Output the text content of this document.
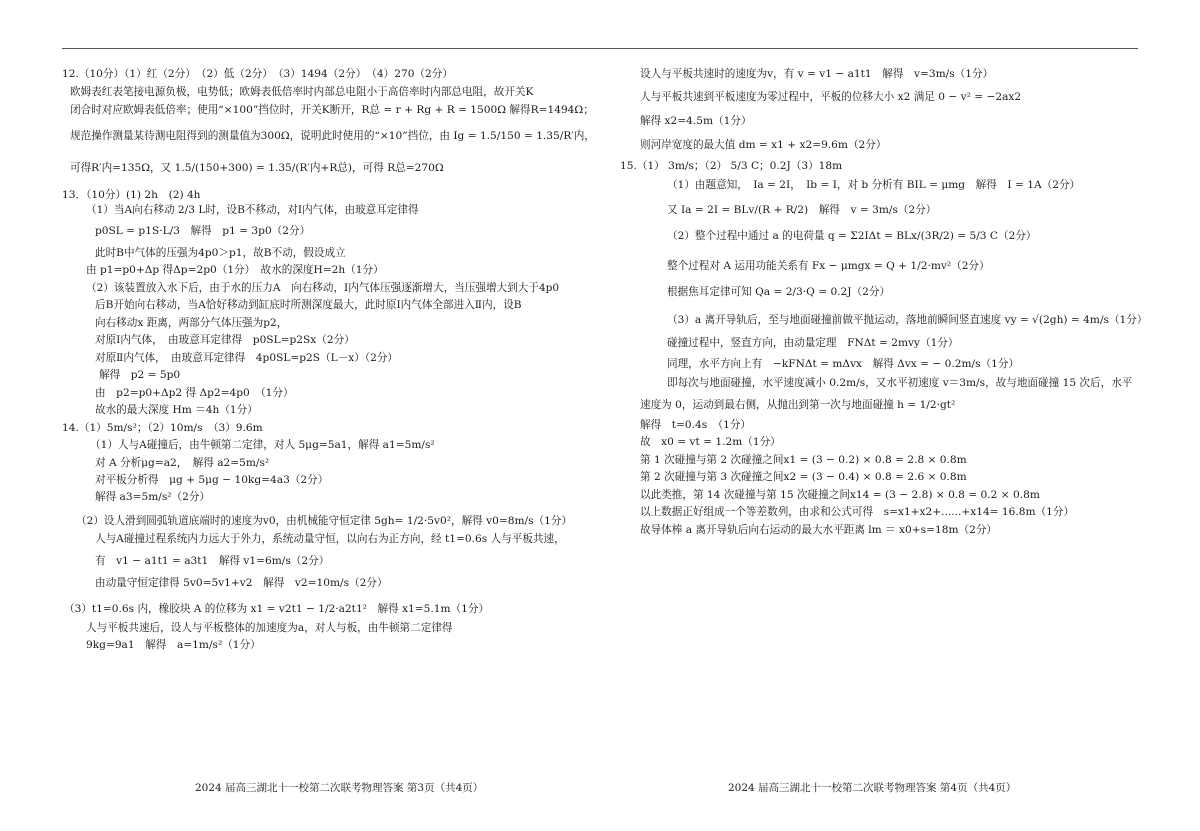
12.（10分）（1）红（2分）　（2）低（2分）　（3）1494（2分）　（4）270（2分）
欧姆表红表笔接电源负极，电势低；欧姆表低倍率时内部总电阻小于高倍率时内部总电阻，故开关K
闭合时对应欧姆表低倍率；使用“×100”挡位时，开关K断开，R总 = r + Rg + R = 1500Ω 解得R=1494Ω；
规范操作测量某待测电阻得到的测量值为300Ω，说明此时使用的“×10”挡位，由 Ig = 1.5/150 = 1.35/R′内，
可得R′内=135Ω，又 1.5/(150+300) = 1.35/(R′内+R总)，可得 R总=270Ω
13．（10分）(1) 2h　(2) 4h
（1）当A向右移动 2/3 L时，设B不移动，对Ⅰ内气体，由玻意耳定律得
p0SL = p1S·L/3　解得　p1 = 3p0（2分）
此时B中气体的压强为4p0＞p1，故B不动，假设成立
由 p1=p0+Δp 得Δp=2p0（1分）　故水的深度H=2h（1分）
（2）该装置放入水下后，由于水的压力A　向右移动，Ⅰ内气体压强逐渐增大，当压强增大到大于4p0
后B开始向右移动，当A恰好移动到缸底时所测深度最大，此时原Ⅰ内气体全部进入Ⅱ内，设B
向右移动x 距离，两部分气体压强为p2，
对原Ⅰ内气体，　由玻意耳定律得　p0SL=p2Sx（2分）
对原Ⅱ内气体，　由玻意耳定律得　4p0SL=p2S（L－x）（2分）
解得　p2 = 5p0
由　p2=p0+Δp2 得 Δp2=4p0　（1分）
故水的最大深度 Hm ＝4h（1分）
14.（1）5m/s²；（2）10m/s　（3）9.6m
（1）人与A碰撞后，由牛顿第二定律，对人 5μg=5a1，解得 a1=5m/s²
对 A 分析μg=a2，　解得 a2=5m/s²
对平板分析得　μg + 5μg − 10kg=4a3（2分）
解得 a3=5m/s²（2分）
（2）设人滑到圆弧轨道底端时的速度为v0，由机械能守恒定律 5gh= 1/2·5v0²，解得 v0=8m/s（1分）
人与A碰撞过程系统内力远大于外力，系统动量守恒，以向右为正方向，经 t1=0.6s 人与平板共速，
有　v1 − a1t1 = a3t1　解得 v1=6m/s（2分）
由动量守恒定律得 5v0=5v1+v2　解得　v2=10m/s（2分）
（3）t1=0.6s 内，橡胶块 A 的位移为 x1 = v2t1 − 1/2·a2t1²　解得 x1=5.1m（1分）
人与平板共速后，设人与平板整体的加速度为a，对人与板，由牛顿第二定律得
9kg=9a1　解得　a=1m/s²（1分）
设人与平板共速时的速度为v，有 v = v1 − a1t1　解得　v=3m/s（1分）
人与平板共速到平板速度为零过程中，平板的位移大小 x2 满足 0 − v² = −2ax2
解得 x2=4.5m（1分）
则河岸宽度的最大值 dm = x1 + x2=9.6m（2分）
15.（1） 3m/s；（2） 5/3 C；0.2J（3）18m
（1）由题意知，　Ia = 2I，　Ib = I，对 b 分析有 BIL = μmg　解得　I = 1A（2分）
又 Ia = 2I = BLv/(R + R/2)　解得　v = 3m/s（2分）
（2）整个过程中通过 a 的电荷量 q = Σ2IΔt = BLx/(3R/2) = 5/3 C（2分）
整个过程对 A 运用功能关系有 Fx − μmgx = Q + 1/2·mv²（2分）
根据焦耳定律可知 Qa = 2/3·Q = 0.2J（2分）
（3）a 离开导轨后，至与地面碰撞前做平抛运动，落地前瞬间竖直速度 vy = √(2gh) = 4m/s（1分）
碰撞过程中，竖直方向，由动量定理　FNΔt = 2mvy（1分）
同理，水平方向上有　−kFNΔt = mΔvx　解得 Δvx = − 0.2m/s（1分）
即每次与地面碰撞，水平速度减小 0.2m/s，又水平初速度 v＝3m/s，故与地面碰撞 15 次后，水平
速度为 0，运动到最右侧，从抛出到第一次与地面碰撞 h = 1/2·gt²
解得　t=0.4s　（1分）
故　x0 = vt = 1.2m（1分）
第 1 次碰撞与第 2 次碰撞之间x1 = (3 − 0.2) × 0.8 = 2.8 × 0.8m
第 2 次碰撞与第 3 次碰撞之间x2 = (3 − 0.4) × 0.8 = 2.6 × 0.8m
以此类推，第 14 次碰撞与第 15 次碰撞之间x14 = (3 − 2.8) × 0.8 = 0.2 × 0.8m
以上数据正好组成一个等差数列，由求和公式可得　s=x1+x2+......+x14= 16.8m（1分）
故导体棒 a 离开导轨后向右运动的最大水平距离 lm ＝ x0+s=18m（2分）
2024 届高三湖北十一校第二次联考物理答案 第3页（共4页）	2024 届高三湖北十一校第二次联考物理答案 第4页（共4页）
